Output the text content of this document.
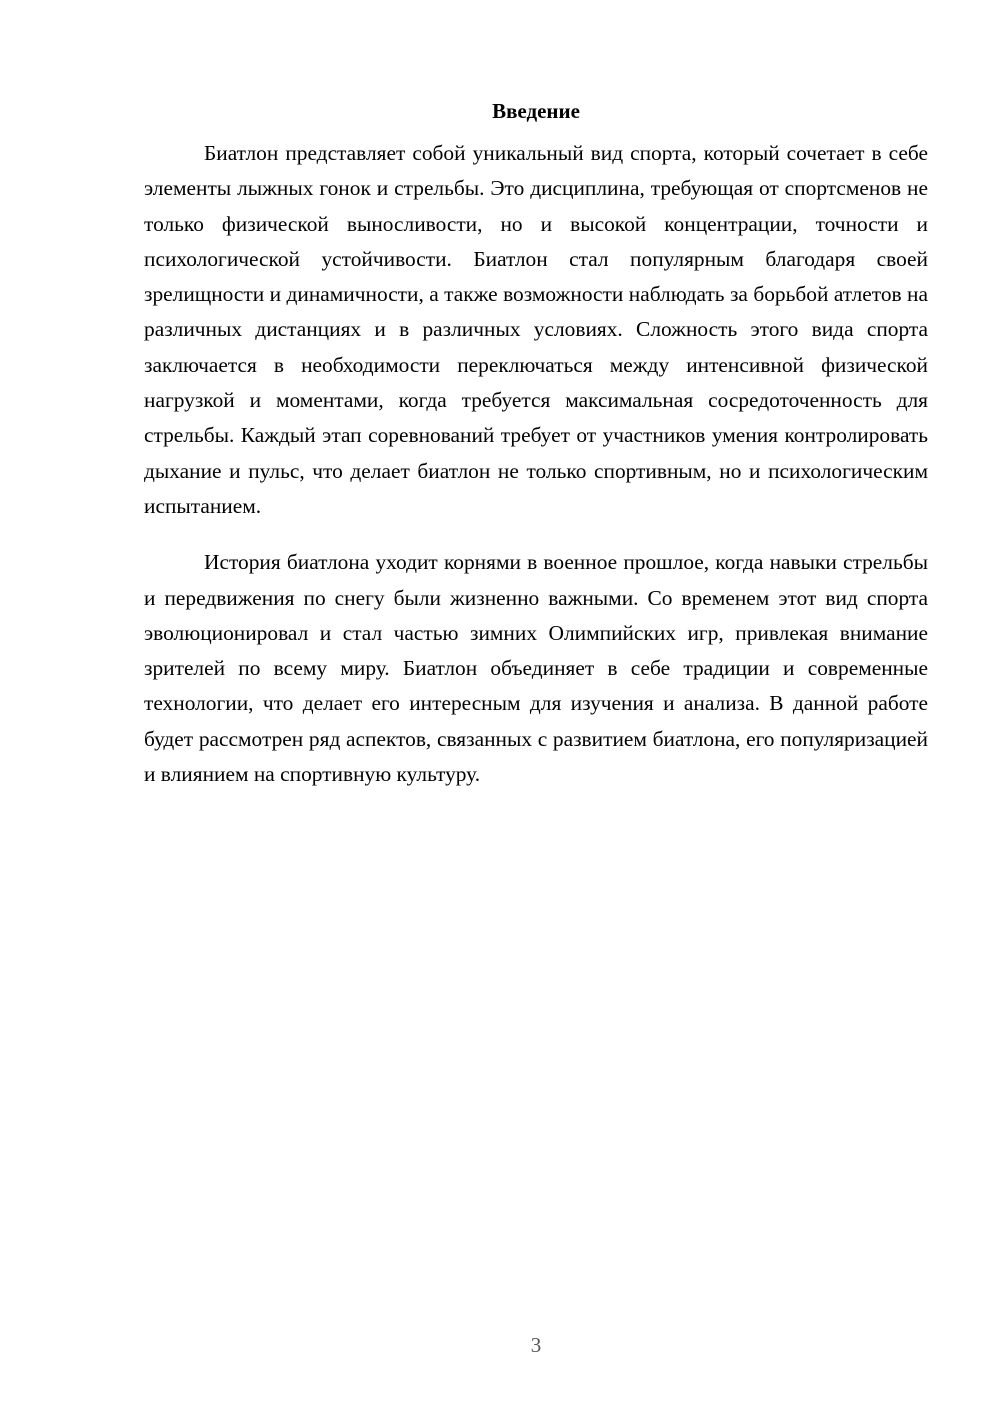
Введение

Биатлон представляет собой уникальный вид спорта, который сочетает в себе элементы лыжных гонок и стрельбы. Это дисциплина, требующая от спортсменов не только физической выносливости, но и высокой концентрации, точности и психологической устойчивости. Биатлон стал популярным благодаря своей зрелищности и динамичности, а также возможности наблюдать за борьбой атлетов на различных дистанциях и в различных условиях. Сложность этого вида спорта заключается в необходимости переключаться между интенсивной физической нагрузкой и моментами, когда требуется максимальная сосредоточенность для стрельбы. Каждый этап соревнований требует от участников умения контролировать дыхание и пульс, что делает биатлон не только спортивным, но и психологическим испытанием.

История биатлона уходит корнями в военное прошлое, когда навыки стрельбы и передвижения по снегу были жизненно важными. Со временем этот вид спорта эволюционировал и стал частью зимних Олимпийских игр, привлекая внимание зрителей по всему миру. Биатлон объединяет в себе традиции и современные технологии, что делает его интересным для изучения и анализа. В данной работе будет рассмотрен ряд аспектов, связанных с развитием биатлона, его популяризацией и влиянием на спортивную культуру.

3
